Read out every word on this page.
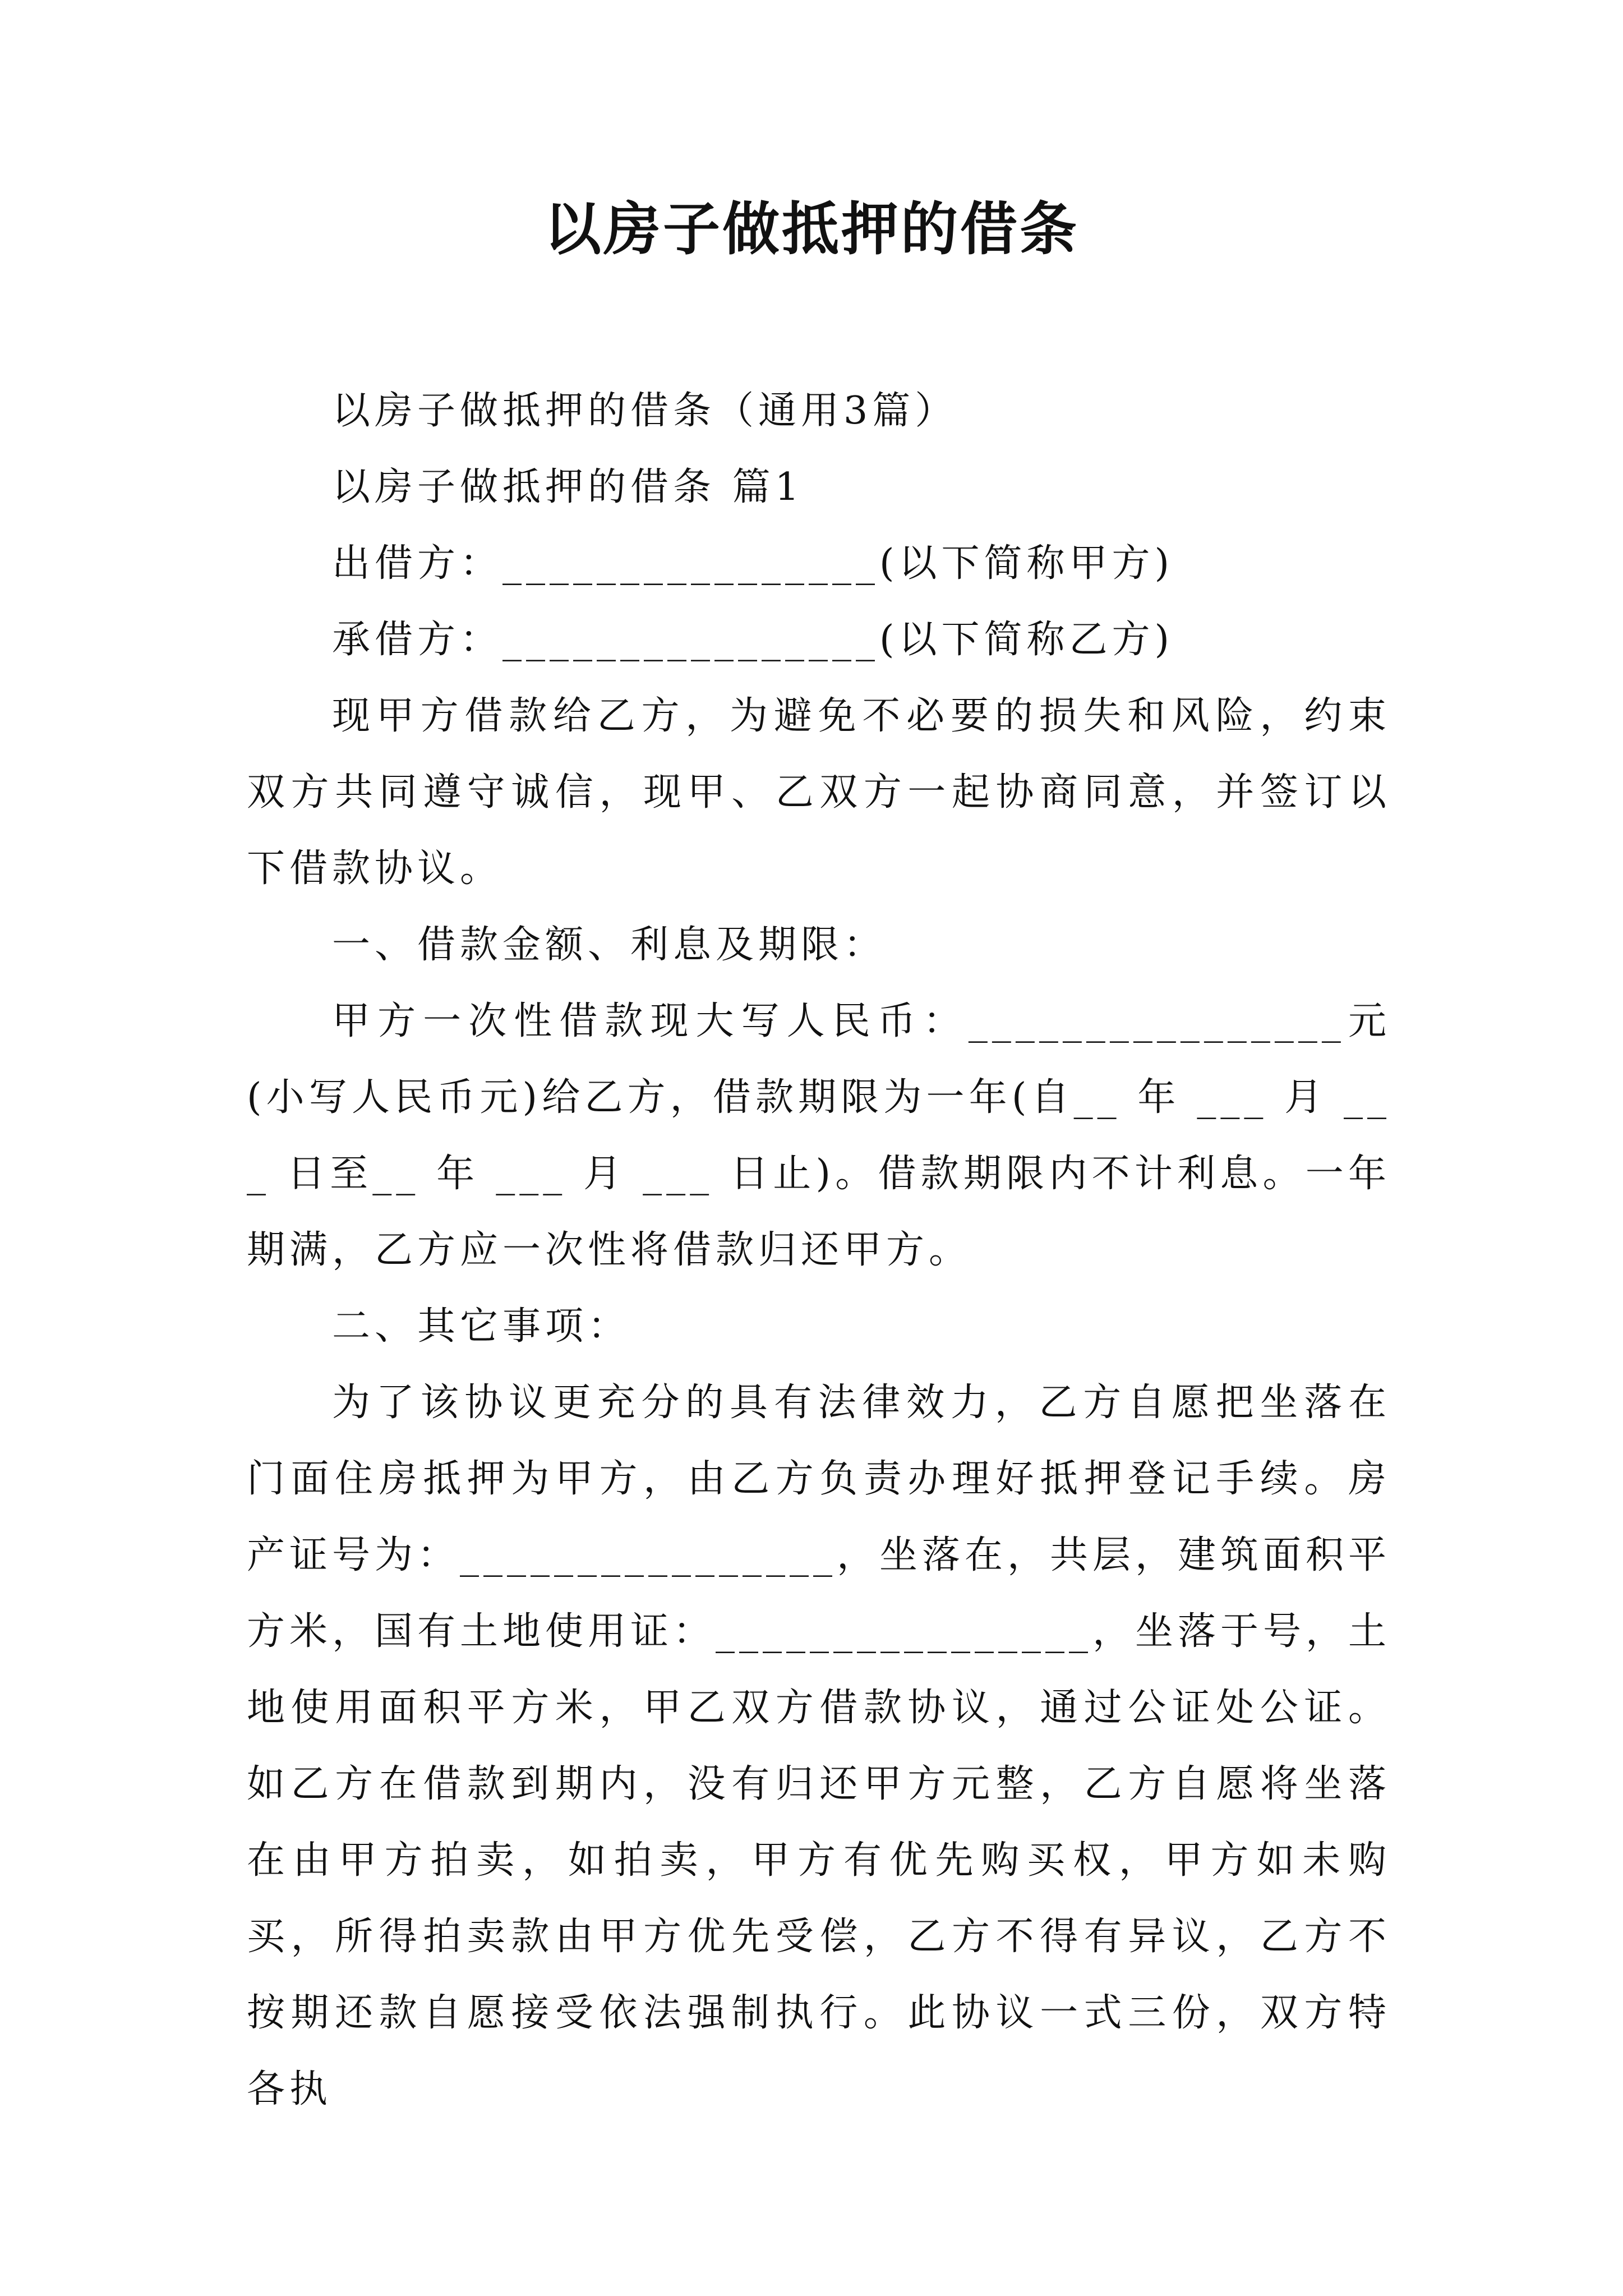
以房子做抵押的借条

以房子做抵押的借条（通用3篇）

以房子做抵押的借条 篇1

出借方：________________(以下简称甲方)

承借方：________________(以下简称乙方)

现甲方借款给乙方，为避免不必要的损失和风险，约束双方共同遵守诚信，现甲、乙双方一起协商同意，并签订以下借款协议。

一、借款金额、利息及期限：

甲方一次性借款现大写人民币：________________元(小写人民币元)给乙方，借款期限为一年(自__ 年 ___ 月 ___ 日至__ 年 ___ 月 ___ 日止)。借款期限内不计利息。一年期满，乙方应一次性将借款归还甲方。

二、其它事项：

为了该协议更充分的具有法律效力，乙方自愿把坐落在门面住房抵押为甲方，由乙方负责办理好抵押登记手续。房产证号为：________________，坐落在，共层，建筑面积平方米，国有土地使用证：________________，坐落于号，土地使用面积平方米，甲乙双方借款协议，通过公证处公证。如乙方在借款到期内，没有归还甲方元整，乙方自愿将坐落在由甲方拍卖，如拍卖，甲方有优先购买权，甲方如未购买，所得拍卖款由甲方优先受偿，乙方不得有异议，乙方不按期还款自愿接受依法强制执行。此协议一式三份，双方特各执
